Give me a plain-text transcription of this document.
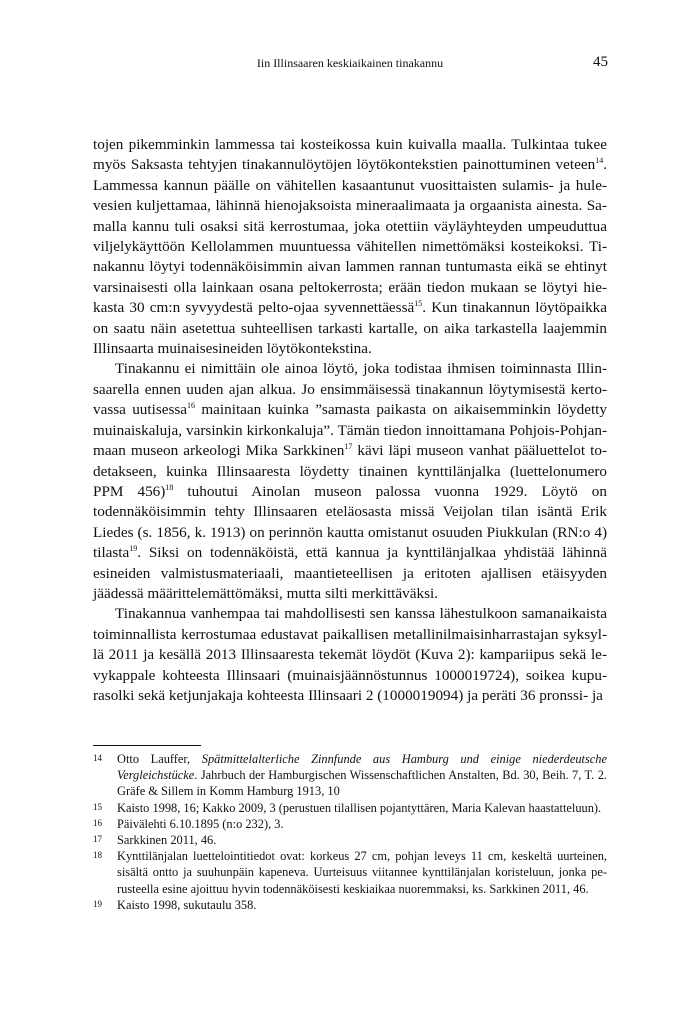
Iin Illinsaaren keskiaikainen tinakannu	45

tojen pikemminkin lammessa tai kosteikossa kuin kuivalla maalla. Tulkintaa tukee myös Saksasta tehtyjen tinakannulöytöjen löytökontekstien painottuminen veteen$^{14}$. Lammessa kannun päälle on vähitellen kasaantunut vuosittaisten sulamis- ja hulevesien kuljettamaa, lähinnä hienojaksoista mineraalimaata ja orgaanista ainesta. Samalla kannu tuli osaksi sitä kerrostumaa, joka otettiin väyläyhteyden umpeuduttua viljelykäyttöön Kellolammen muuntuessa vähitellen nimettömäksi kosteikoksi. Tinakannu löytyi todennäköisimmin aivan lammen rannan tuntumasta eikä se ehtinyt varsinaisesti olla lainkaan osana peltokerrosta; erään tiedon mukaan se löytyi hiekasta 30 cm:n syvyydestä pelto-ojaa syvennettäessä$^{15}$. Kun tinakannun löytöpaikka on saatu näin asetettua suhteellisen tarkasti kartalle, on aika tarkastella laajemmin Illinsaarta muinaisesineiden löytökontekstina.

Tinakannu ei nimittäin ole ainoa löytö, joka todistaa ihmisen toiminnasta Illinsaarella ennen uuden ajan alkua. Jo ensimmäisessä tinakannun löytymisestä kertovassa uutisessa$^{16}$ mainitaan kuinka ”samasta paikasta on aikaisemminkin löydetty muinaiskaluja, varsinkin kirkonkaluja”. Tämän tiedon innoittamana Pohjois-Pohjanmaan museon arkeologi Mika Sarkkinen$^{17}$ kävi läpi museon vanhat pääluettelot todetakseen, kuinka Illinsaaresta löydetty tinainen kynttilänjalka (luettelonumero PPM 456)$^{18}$ tuhoutui Ainolan museon palossa vuonna 1929. Löytö on todennäköisimmin tehty Illinsaaren eteläosasta missä Veijolan tilan isäntä Erik Liedes (s. 1856, k. 1913) on perinnön kautta omistanut osuuden Piukkulan (RN:o 4) tilasta$^{19}$. Siksi on todennäköistä, että kannua ja kynttilänjalkaa yhdistää lähinnä esineiden valmistusmateriaali, maantieteellisen ja eritoten ajallisen etäisyyden jäädessä määrittelemättömäksi, mutta silti merkittäväksi.

Tinakannua vanhempaa tai mahdollisesti sen kanssa lähestulkoon samanaikaista toiminnallista kerrostumaa edustavat paikallisen metallinilmaisinharrastajan syksyllä 2011 ja kesällä 2013 Illinsaaresta tekemät löydöt (Kuva 2): kampariipus sekä levykappale kohteesta Illinsaari (muinaisjäännöstunnus 1000019724), soikea kupurasolki sekä ketjunjakaja kohteesta Illinsaari 2 (1000019094) ja peräti 36 pronssi- ja

14	Otto Lauffer, Spätmittelalterliche Zinnfunde aus Hamburg und einige niederdeutsche Vergleichstücke. Jahrbuch der Hamburgischen Wissenschaftlichen Anstalten, Bd. 30, Beih. 7, T. 2. Gräfe & Sillem in Komm Hamburg 1913, 10
15	Kaisto 1998, 16; Kakko 2009, 3 (perustuen tilallisen pojantyttären, Maria Kalevan haastatteluun).
16	Päivälehti 6.10.1895 (n:o 232), 3.
17	Sarkkinen 2011, 46.
18	Kynttilänjalan luettelointitiedot ovat: korkeus 27 cm, pohjan leveys 11 cm, keskeltä uurteinen, sisältä ontto ja suuhunpäin kapeneva. Uurteisuus viitannee kynttilänjalan koristeluun, jonka perusteella esine ajoittuu hyvin todennäköisesti keskiaikaa nuoremmaksi, ks. Sarkkinen 2011, 46.
19	Kaisto 1998, sukutaulu 358.
